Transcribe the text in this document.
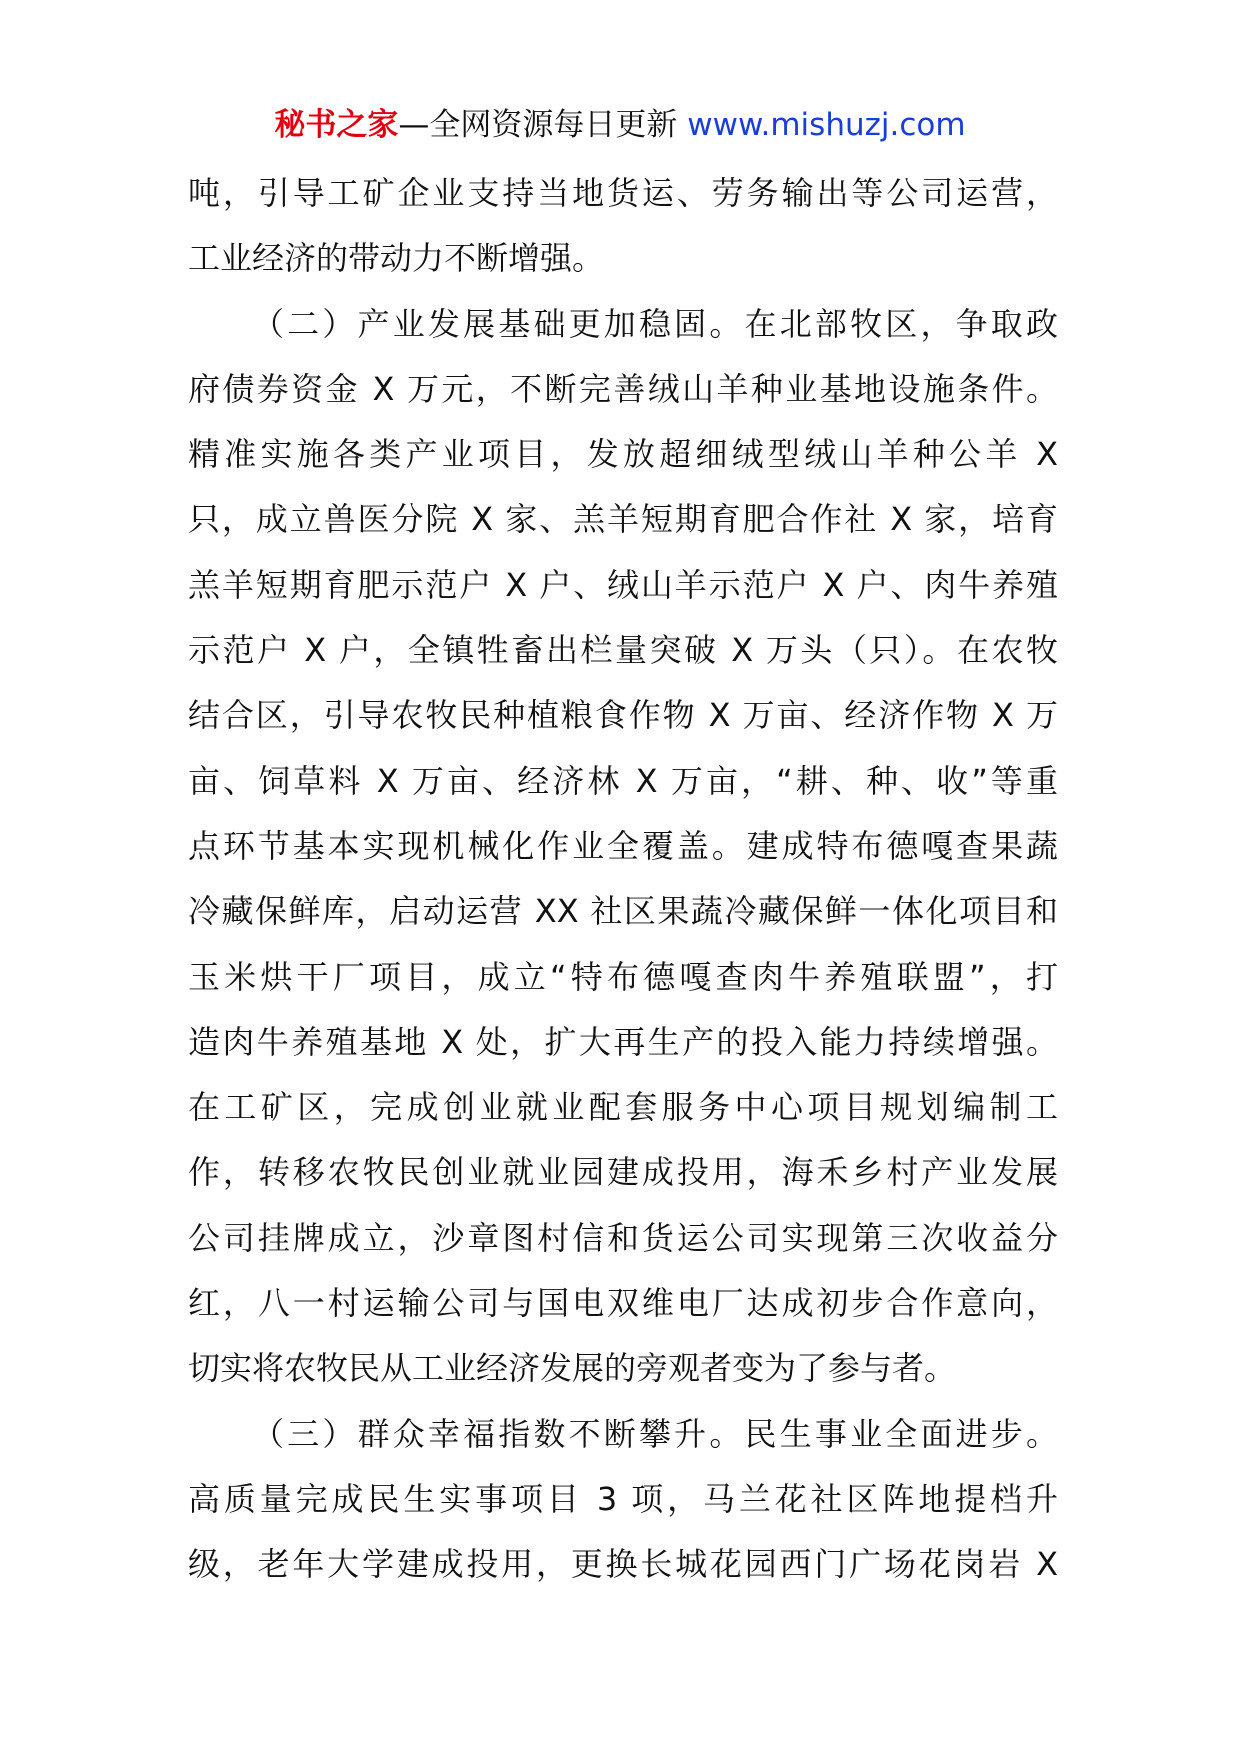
秘书之家—全网资源每日更新 www.mishuzj.com
吨，引导工矿企业支持当地货运、劳务输出等公司运营，
工业经济的带动力不断增强。
（二）产业发展基础更加稳固。在北部牧区，争取政
府债券资金 X 万元，不断完善绒山羊种业基地设施条件。
精准实施各类产业项目，发放超细绒型绒山羊种公羊 X
只，成立兽医分院 X 家、羔羊短期育肥合作社 X 家，培育
羔羊短期育肥示范户 X 户、绒山羊示范户 X 户、肉牛养殖
示范户 X 户，全镇牲畜出栏量突破 X 万头（只）。在农牧
结合区，引导农牧民种植粮食作物 X 万亩、经济作物 X 万
亩、饲草料 X 万亩、经济林 X 万亩，“耕、种、收”等重
点环节基本实现机械化作业全覆盖。建成特布德嘎查果蔬
冷藏保鲜库，启动运营 XX 社区果蔬冷藏保鲜一体化项目和
玉米烘干厂项目，成立“特布德嘎查肉牛养殖联盟”，打
造肉牛养殖基地 X 处，扩大再生产的投入能力持续增强。
在工矿区，完成创业就业配套服务中心项目规划编制工
作，转移农牧民创业就业园建成投用，海禾乡村产业发展
公司挂牌成立，沙章图村信和货运公司实现第三次收益分
红，八一村运输公司与国电双维电厂达成初步合作意向，
切实将农牧民从工业经济发展的旁观者变为了参与者。
（三）群众幸福指数不断攀升。民生事业全面进步。
高质量完成民生实事项目 3 项，马兰花社区阵地提档升
级，老年大学建成投用，更换长城花园西门广场花岗岩 X
